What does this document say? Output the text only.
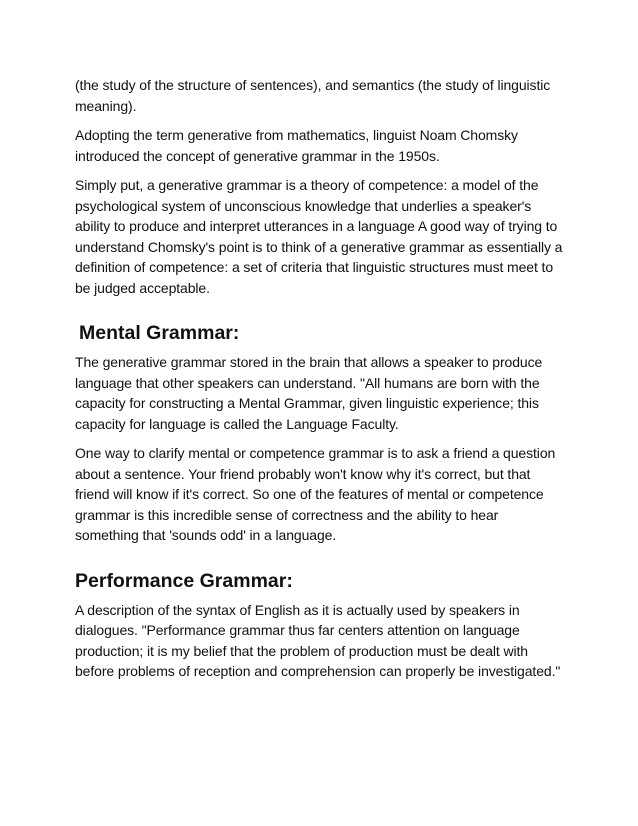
(the study of the structure of sentences), and semantics (the study of linguistic meaning).

Adopting the term generative from mathematics, linguist Noam Chomsky introduced the concept of generative grammar in the 1950s.

Simply put, a generative grammar is a theory of competence: a model of the psychological system of unconscious knowledge that underlies a speaker's ability to produce and interpret utterances in a language A good way of trying to understand Chomsky's point is to think of a generative grammar as essentially a definition of competence: a set of criteria that linguistic structures must meet to be judged acceptable.

Mental Grammar:

The generative grammar stored in the brain that allows a speaker to produce language that other speakers can understand. "All humans are born with the capacity for constructing a Mental Grammar, given linguistic experience; this capacity for language is called the Language Faculty.

One way to clarify mental or competence grammar is to ask a friend a question about a sentence. Your friend probably won't know why it's correct, but that friend will know if it's correct. So one of the features of mental or competence grammar is this incredible sense of correctness and the ability to hear something that 'sounds odd' in a language.

Performance Grammar:

A description of the syntax of English as it is actually used by speakers in dialogues. "Performance grammar thus far centers attention on language production; it is my belief that the problem of production must be dealt with before problems of reception and comprehension can properly be investigated."
